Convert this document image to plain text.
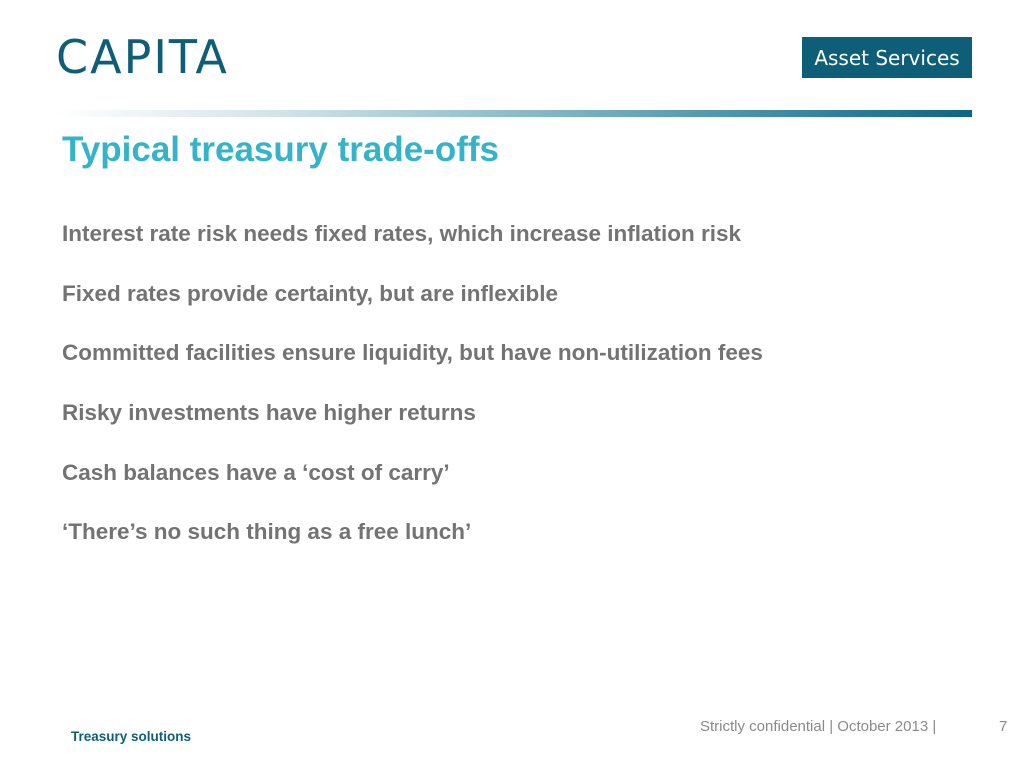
CAPITA	Asset Services
Typical treasury trade-offs
Interest rate risk needs fixed rates, which increase inflation risk
Fixed rates provide certainty, but are inflexible
Committed facilities ensure liquidity, but have non-utilization fees
Risky investments have higher returns
Cash balances have a ‘cost of carry’
‘There’s no such thing as a free lunch’
Treasury solutions
Strictly confidential | October 2013 |	7
